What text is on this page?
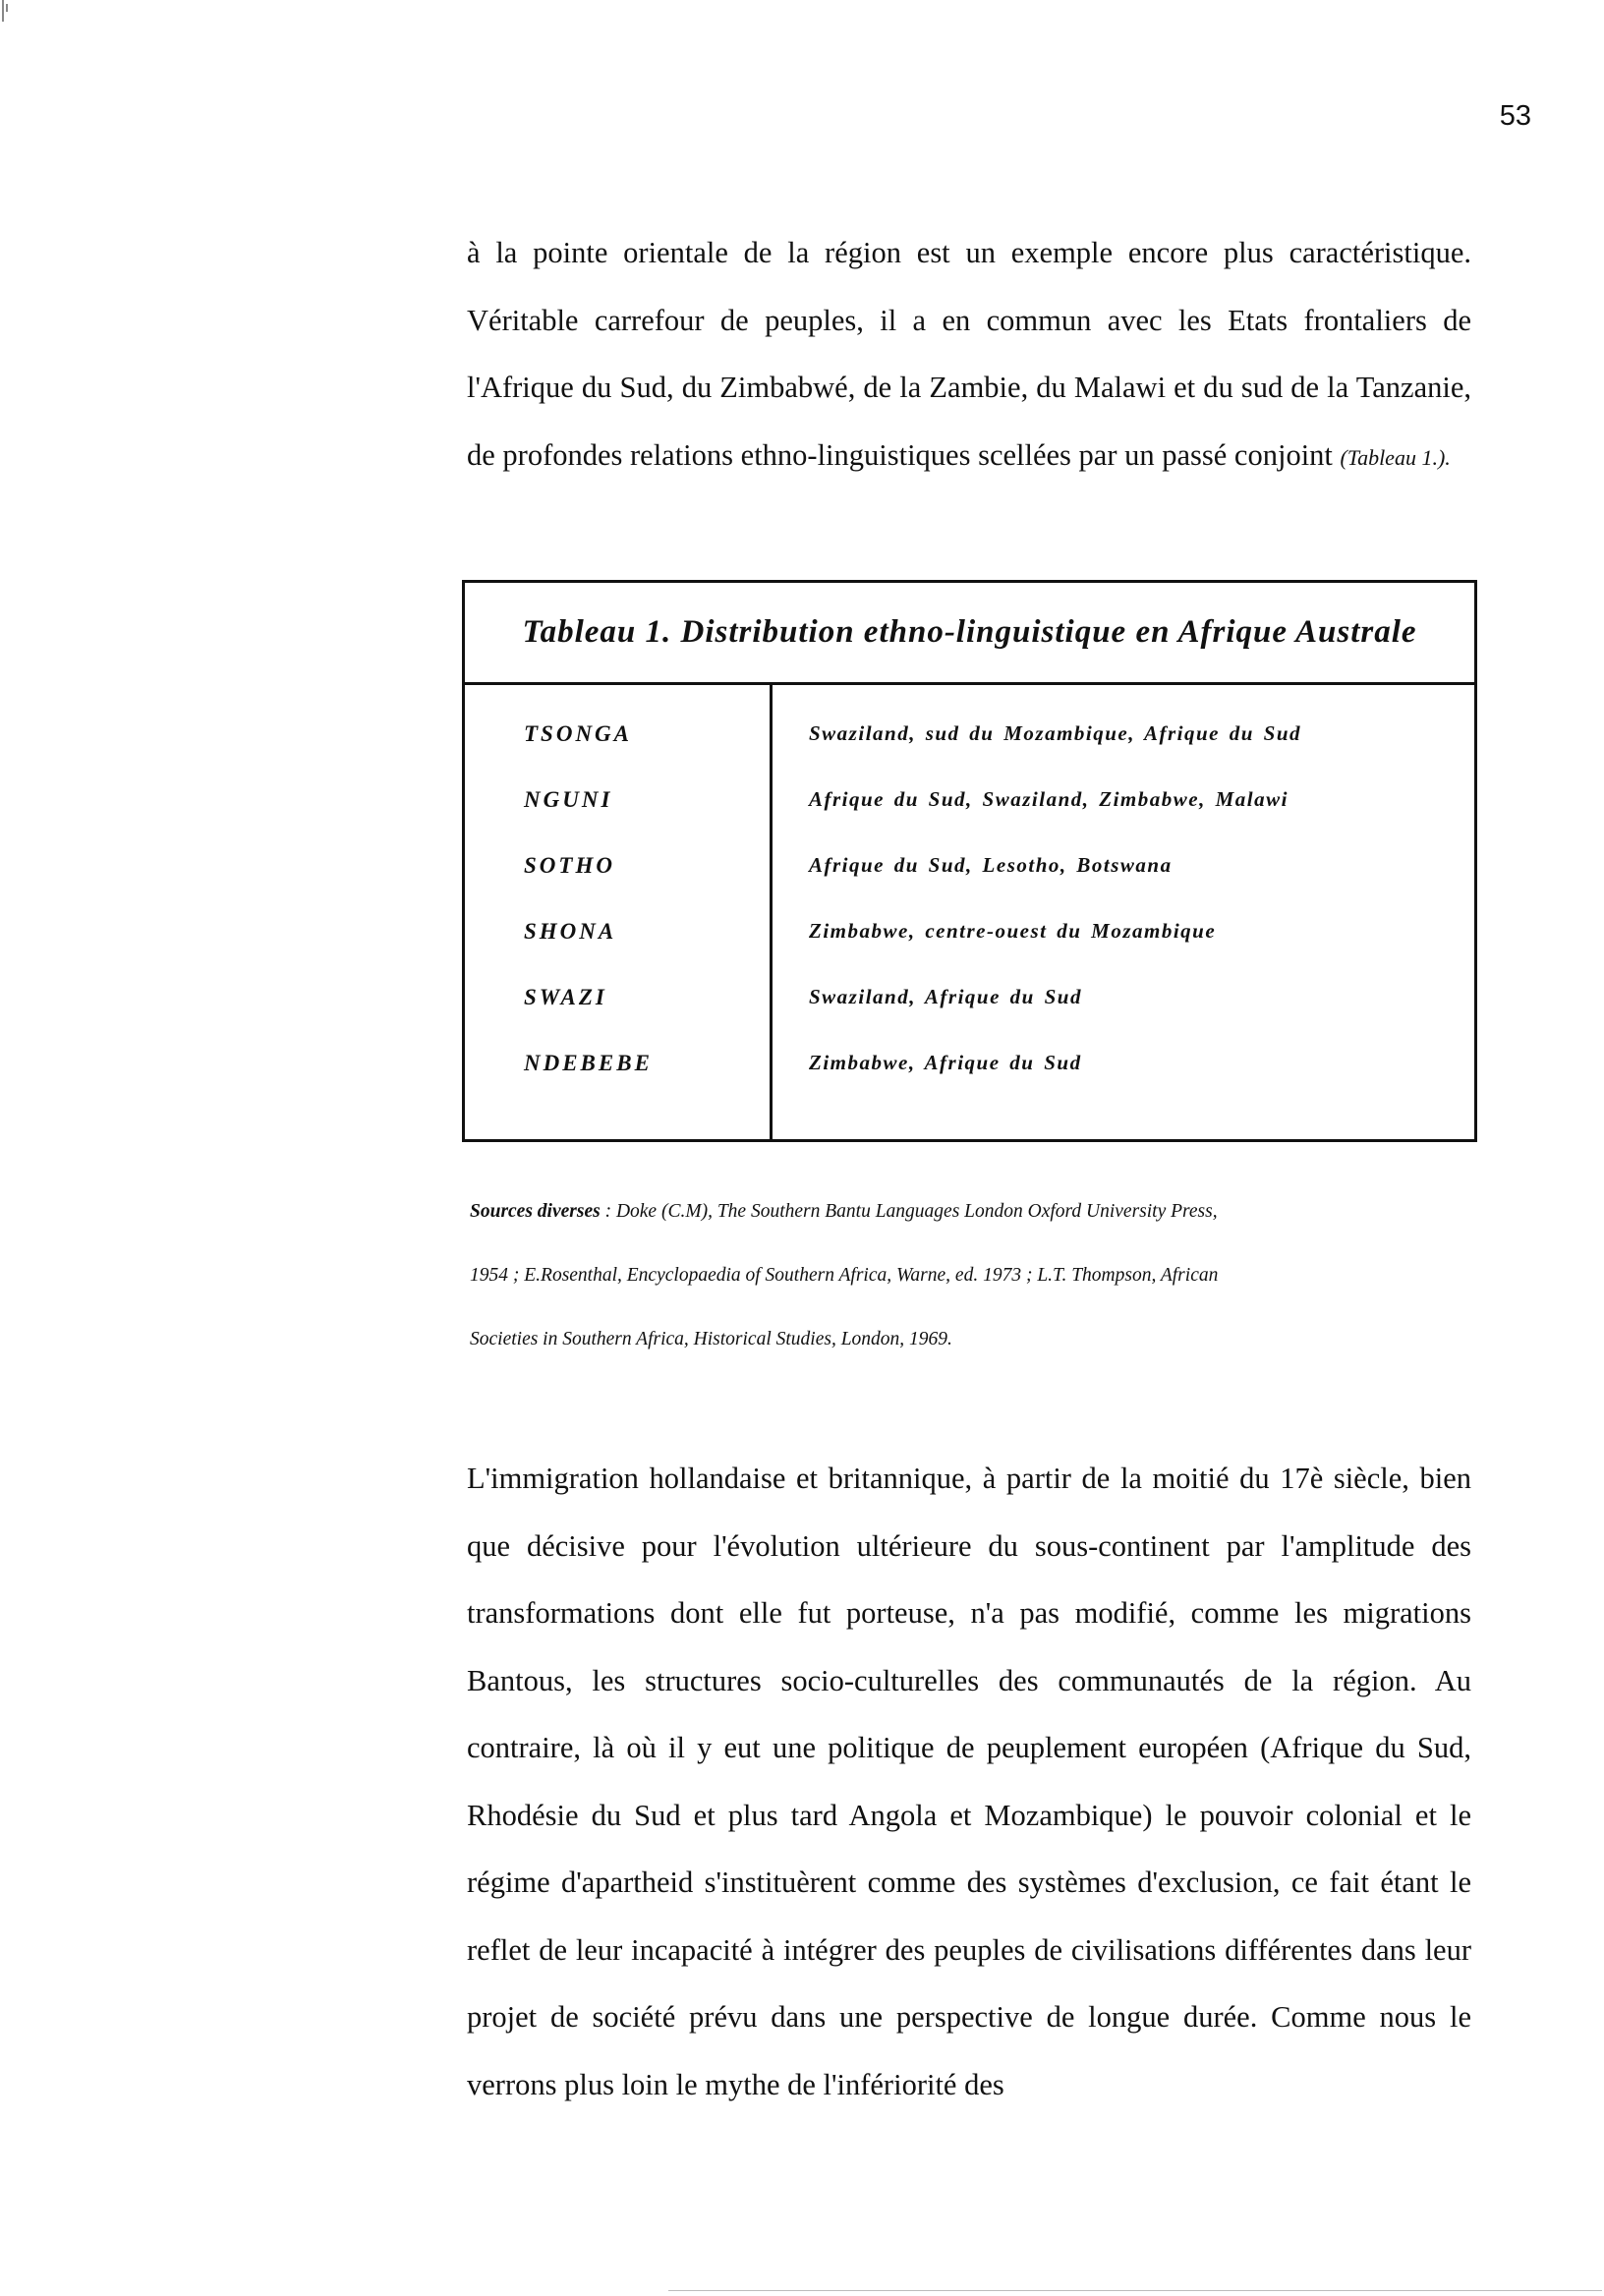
53

à la pointe orientale de la région est un exemple encore plus caractéristique. Véritable carrefour de peuples, il a en commun avec les Etats frontaliers de l'Afrique du Sud, du Zimbabwé, de la Zambie, du Malawi et du sud de la Tanzanie, de profondes relations ethno-linguistiques scellées par un passé conjoint (Tableau 1.).

Tableau 1. Distribution ethno-linguistique en Afrique Australe
TSONGA	Swaziland, sud du Mozambique, Afrique du Sud
NGUNI	Afrique du Sud, Swaziland, Zimbabwe, Malawi
SOTHO	Afrique du Sud, Lesotho, Botswana
SHONA	Zimbabwe, centre-ouest du Mozambique
SWAZI	Swaziland, Afrique du Sud
NDEBEBE	Zimbabwe, Afrique du Sud

Sources diverses : Doke (C.M), The Southern Bantu Languages London Oxford University Press,

1954 ; E.Rosenthal, Encyclopaedia of Southern Africa, Warne, ed. 1973 ; L.T. Thompson, African

Societies in Southern Africa, Historical Studies, London, 1969.

L'immigration hollandaise et britannique, à partir de la moitié du 17è siècle, bien que décisive pour l'évolution ultérieure du sous-continent par l'amplitude des transformations dont elle fut porteuse, n'a pas modifié, comme les migrations Bantous, les structures socio-culturelles des communautés de la région. Au contraire, là où il y eut une politique de peuplement européen (Afrique du Sud, Rhodésie du Sud et plus tard Angola et Mozambique) le pouvoir colonial et le régime d'apartheid s'instituèrent comme des systèmes d'exclusion, ce fait étant le reflet de leur incapacité à intégrer des peuples de civilisations différentes dans leur projet de société prévu dans une perspective de longue durée. Comme nous le verrons plus loin le mythe de l'infériorité des
